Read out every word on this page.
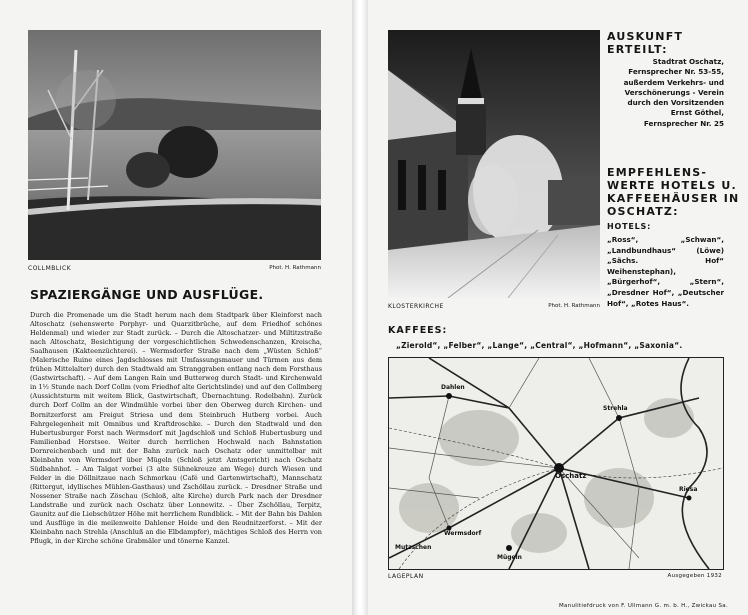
COLLMBLICK	Phot. H. Rathmann
SPAZIERGÄNGE UND AUSFLÜGE.

Durch die Promenade um die Stadt herum nach dem Stadtpark über Kleinforst nach Altoschatz (sehenswerte Porphyr- und Quarzitbrüche, auf dem Friedhof schönes Heldenmal) und wieder zur Stadt zurück. – Durch die Altoschatzer- und Miltitzstraße nach Altoschatz, Besichtigung der vorgeschichtlichen Schwedenschanzen, Kreischa, Saalhausen (Kakteenzüchterei). – Wermsdorfer Straße nach dem „Wüsten Schloß“ (Malerische Ruine eines Jagdschlosses mit Umfassungsmauer und Türmen aus dem frühen Mittelalter) durch den Stadtwald am Stranggraben entlang nach dem Forsthaus (Gastwirtschaft). – Auf dem Langen Rain und Butterweg durch Stadt- und Kirchenwald in 1½ Stunde nach Dorf Collm (vom Friedhof alte Gerichtslinde) und auf den Collmberg (Aussichtsturm mit weitem Blick, Gastwirtschaft, Übernachtung. Rodelbahn). Zurück durch Dorf Collm an der Windmühle vorbei über den Oberweg durch Kirchen- und Bornitzerforst am Freigut Striesa und dem Steinbruch Hutberg vorbei. Auch Fahrgelegenheit mit Omnibus und Kraftdroschke. – Durch den Stadtwald und den Hubertusburger Forst nach Wermsdorf mit Jagdschloß und Schloß Hubertusburg und Familienbad Horstsee. Weiter durch herrlichen Hochwald nach Bahnstation Dornreichenbach und mit der Bahn zurück nach Oschatz oder unmittelbar mit Kleinbahn von Wermsdorf über Mügeln (Schloß jetzt Amtsgericht) nach Oschatz Südbahnhof. – Am Talgat vorbei (3 alte Sühnekreuze am Wege) durch Wiesen und Felder in die Döllnitzaue nach Schmorkau (Café und Gartenwirtschaft), Mannschatz (Rittergut, idyllisches Mühlen-Gasthaus) und Zschöllau zurück. – Dresdner Straße und Nossener Straße nach Zöschau (Schloß, alte Kirche) durch Park nach der Dresdner Landstraße und zurück nach Oschatz über Lonnewitz. – Über Zschöllau, Terpitz, Gaunitz auf die Liebschützer Höhe mit herrlichem Rundblick. – Mit der Bahn bis Dahlen und Ausflüge in die meilenweite Dahlener Heide und den Reudnitzerforst. – Mit der Kleinbahn nach Strehla (Anschluß an die Elbdampfer), mächtiges Schloß des Herrn von Pflugk, in der Kirche schöne Grabmäler und tönerne Kanzel.

KLOSTERKIRCHE	Phot. H. Rathmann
AUSKUNFT
ERTEILT:
Stadtrat Oschatz,
Fernsprecher Nr. 53-55,
außerdem Verkehrs- und
Verschönerungs - Verein
durch den Vorsitzenden
Ernst Göthel,
Fernsprecher Nr. 25
EMPFEHLENS-
WERTE HOTELS U.
KAFFEEHÄUSER IN
OSCHATZ:
HOTELS:

„Ross“, „Schwan“, „Landbundhaus“ (Löwe) „Sächs. Hof“ Weihenstephan), „Bürgerhof“, „Stern“, „Dresdner Hof“, „Deutscher Hof“, „Rotes Haus“.

KAFFEES:
„Zierold“, „Felber“, „Lange“, „Central“, „Hofmann“, „Saxonia“.
Dahlen
Strehla
Oschatz
Mügeln
Wermsdorf
Mutzschen
Riesa
LAGEPLAN	Ausgegeben 1932
Manulitiefdruck von F. Ullmann G. m. b. H., Zwickau Sa.
